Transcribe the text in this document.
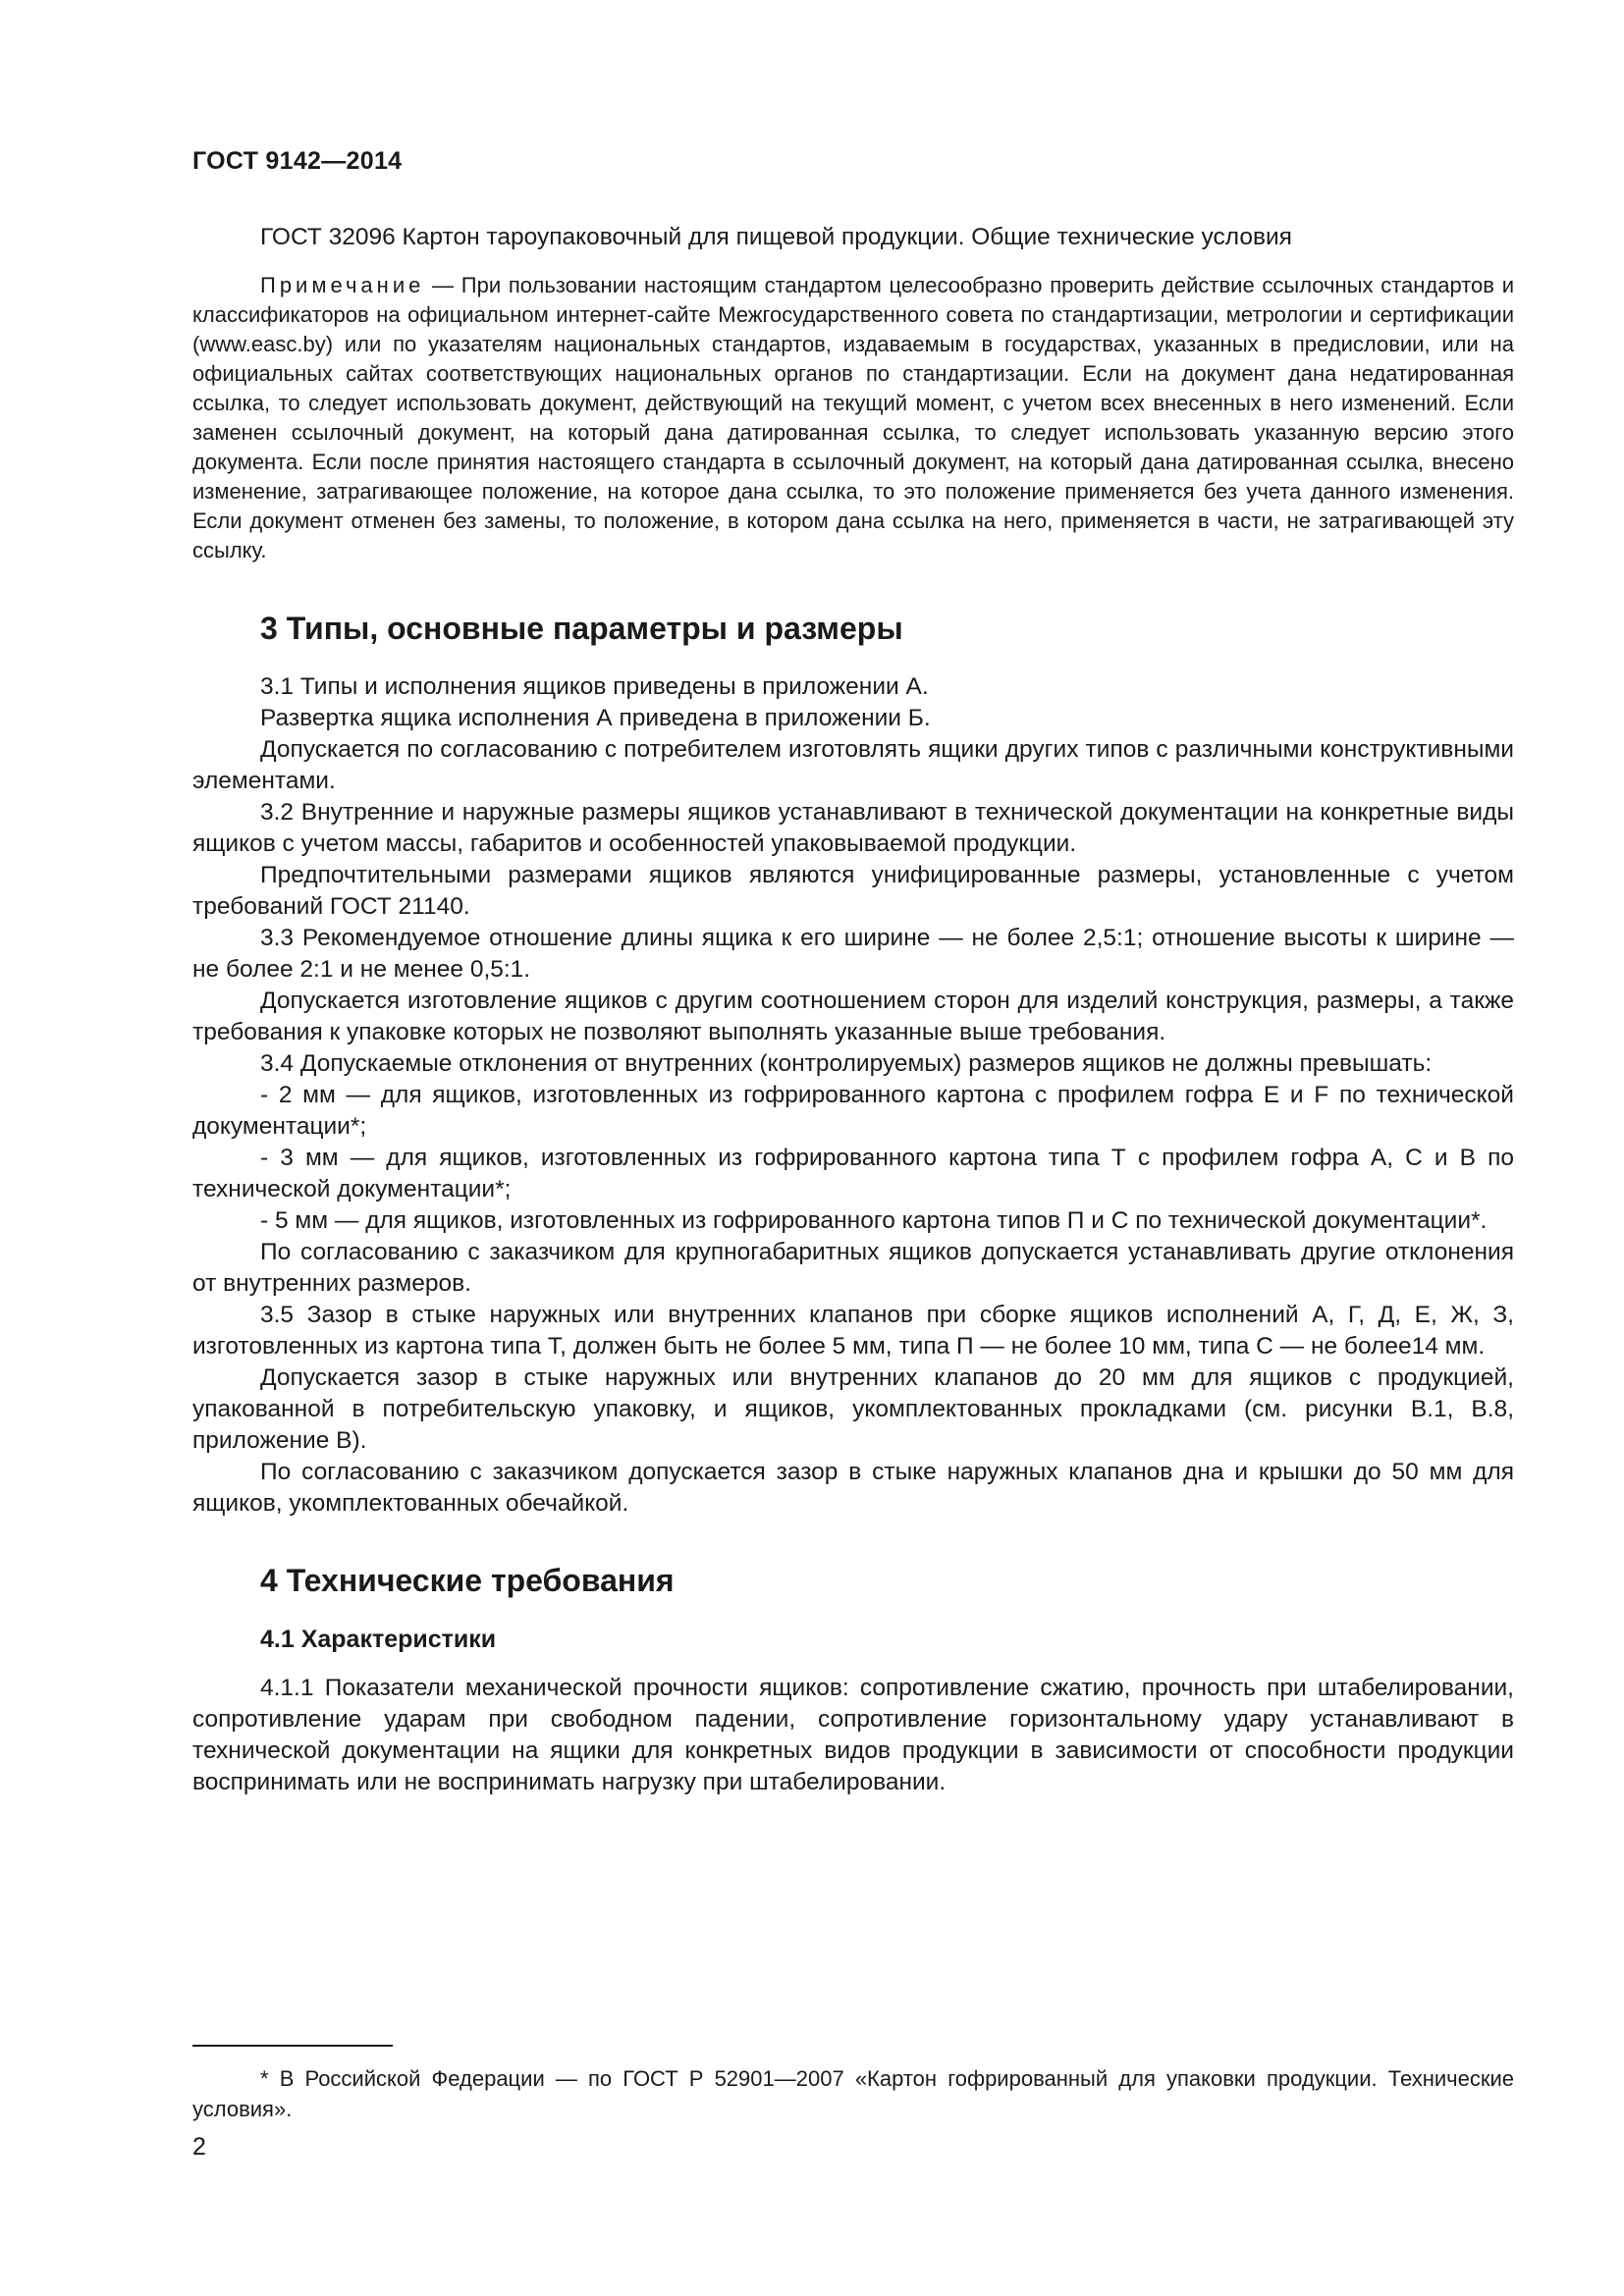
ГОСТ 9142—2014

ГОСТ 32096 Картон тароупаковочный для пищевой продукции. Общие технические условия

Примечание — При пользовании настоящим стандартом целесообразно проверить действие ссылочных стандартов и классификаторов на официальном интернет-сайте Межгосударственного совета по стандартизации, метрологии и сертификации (www.easc.by) или по указателям национальных стандартов, издаваемым в государствах, указанных в предисловии, или на официальных сайтах соответствующих национальных органов по стандартизации. Если на документ дана недатированная ссылка, то следует использовать документ, действующий на текущий момент, с учетом всех внесенных в него изменений. Если заменен ссылочный документ, на который дана датированная ссылка, то следует использовать указанную версию этого документа. Если после принятия настоящего стандарта в ссылочный документ, на который дана датированная ссылка, внесено изменение, затрагивающее положение, на которое дана ссылка, то это положение применяется без учета данного изменения. Если документ отменен без замены, то положение, в котором дана ссылка на него, применяется в части, не затрагивающей эту ссылку.

3 Типы, основные параметры и размеры

3.1 Типы и исполнения ящиков приведены в приложении А.

Развертка ящика исполнения А приведена в приложении Б.

Допускается по согласованию с потребителем изготовлять ящики других типов с различными конструктивными элементами.

3.2 Внутренние и наружные размеры ящиков устанавливают в технической документации на конкретные виды ящиков с учетом массы, габаритов и особенностей упаковываемой продукции.

Предпочтительными размерами ящиков являются унифицированные размеры, установленные с учетом требований ГОСТ 21140.

3.3 Рекомендуемое отношение длины ящика к его ширине — не более 2,5:1; отношение высоты к ширине — не более 2:1 и не менее 0,5:1.

Допускается изготовление ящиков с другим соотношением сторон для изделий конструкция, размеры, а также требования к упаковке которых не позволяют выполнять указанные выше требования.

3.4 Допускаемые отклонения от внутренних (контролируемых) размеров ящиков не должны превышать:

- 2 мм — для ящиков, изготовленных из гофрированного картона с профилем гофра E и F по технической документации*;

- 3 мм — для ящиков, изготовленных из гофрированного картона типа Т с профилем гофра А, С и В по технической документации*;

- 5 мм — для ящиков, изготовленных из гофрированного картона типов П и С по технической документации*.

По согласованию с заказчиком для крупногабаритных ящиков допускается устанавливать другие отклонения от внутренних размеров.

3.5 Зазор в стыке наружных или внутренних клапанов при сборке ящиков исполнений А, Г, Д, Е, Ж, З, изготовленных из картона типа Т, должен быть не более 5 мм, типа П — не более 10 мм, типа С — не более14 мм.

Допускается зазор в стыке наружных или внутренних клапанов до 20 мм для ящиков с продукцией, упакованной в потребительскую упаковку, и ящиков, укомплектованных прокладками (см. рисунки В.1, В.8, приложение В).

По согласованию с заказчиком допускается зазор в стыке наружных клапанов дна и крышки до 50 мм для ящиков, укомплектованных обечайкой.

4 Технические требования
4.1 Характеристики

4.1.1 Показатели механической прочности ящиков: сопротивление сжатию, прочность при штабелировании, сопротивление ударам при свободном падении, сопротивление горизонтальному удару устанавливают в технической документации на ящики для конкретных видов продукции в зависимости от способности продукции воспринимать или не воспринимать нагрузку при штабелировании.

* В Российской Федерации — по ГОСТ Р 52901—2007 «Картон гофрированный для упаковки продукции. Технические условия».

2
